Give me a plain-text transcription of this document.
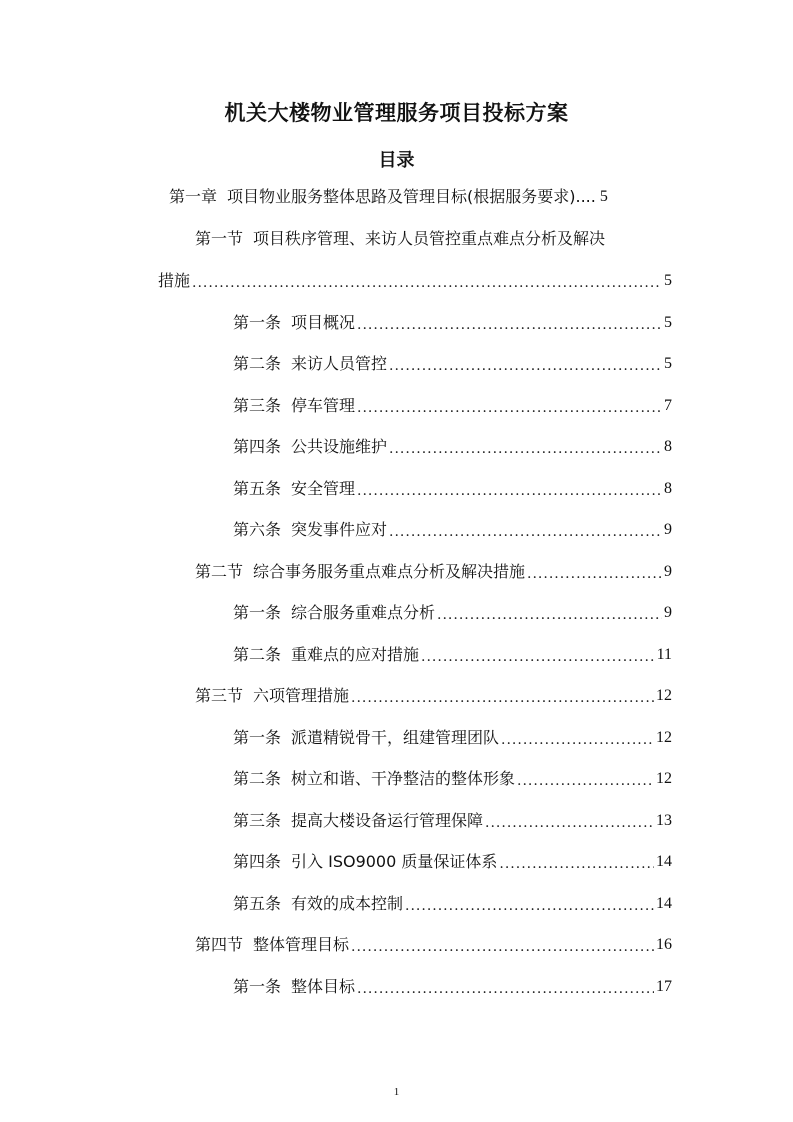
机关大楼物业管理服务项目投标方案
目录
第一章 项目物业服务整体思路及管理目标(根据服务要求).... 5
第一节 项目秩序管理、来访人员管控重点难点分析及解决
措施 .....	5
第一条 项目概况 .....	5
第二条 来访人员管控 .....	5
第三条 停车管理 .....	7
第四条 公共设施维护 .....	8
第五条 安全管理 .....	8
第六条 突发事件应对 .....	9
第二节 综合事务服务重点难点分析及解决措施 .....	9
第一条 综合服务重难点分析 .....	9
第二条 重难点的应对措施 .....	11
第三节 六项管理措施 .....	12
第一条 派遣精锐骨干，组建管理团队 .....	12
第二条 树立和谐、干净整洁的整体形象 .....	12
第三条 提高大楼设备运行管理保障 .....	13
第四条 引入 ISO9000 质量保证体系 .....	14
第五条 有效的成本控制 .....	14
第四节 整体管理目标 .....	16
第一条 整体目标 .....	17
1
